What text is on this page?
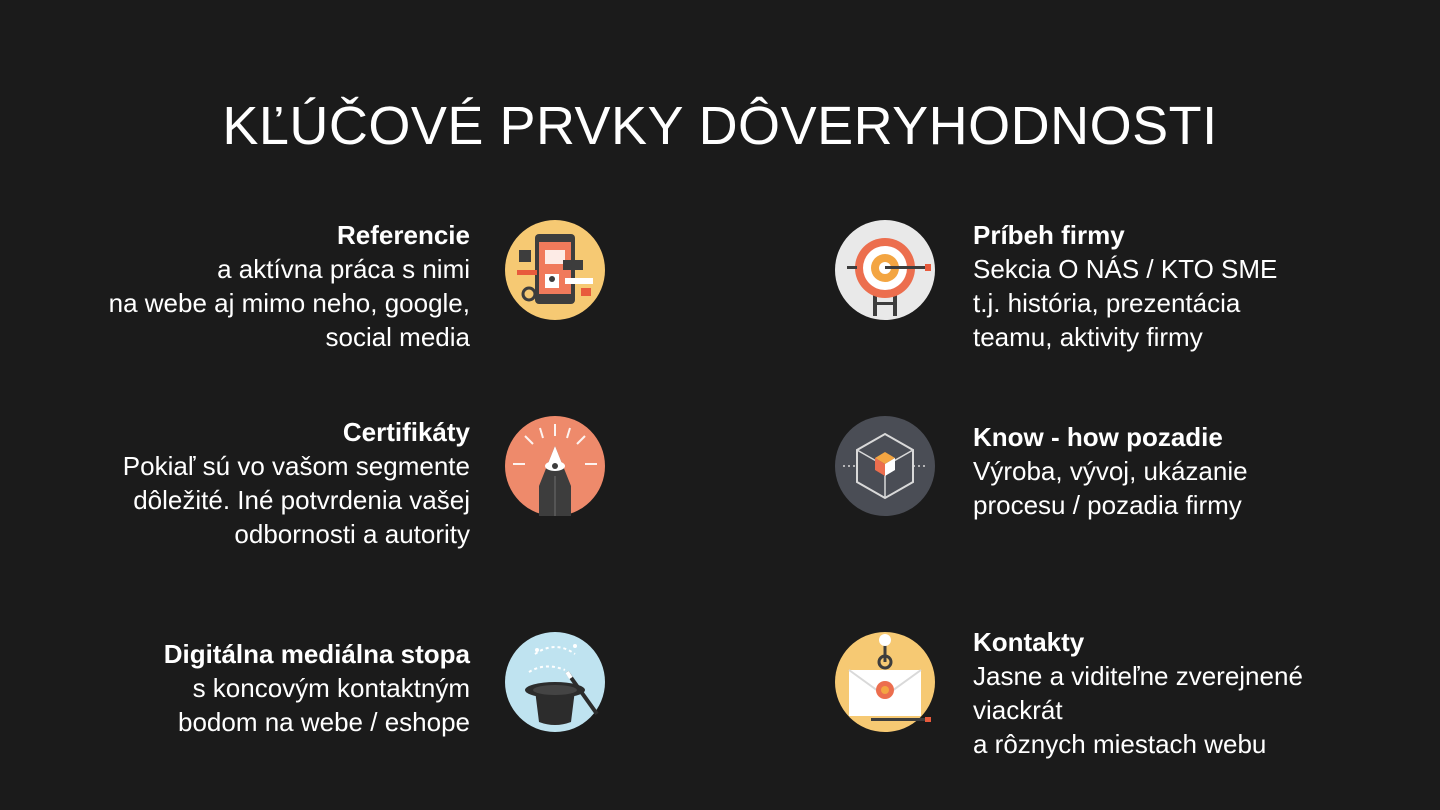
KĽÚČOVÉ PRVKY DÔVERYHODNOSTI
Referencie
a aktívna práca s nimi
na webe aj mimo neho, google,
social media
Príbeh firmy
Sekcia O NÁS / KTO SME
t.j. história, prezentácia
teamu, aktivity firmy
Certifikáty
Pokiaľ sú vo vašom segmente
dôležité. Iné potvrdenia vašej
odbornosti a autority
Know - how pozadie
Výroba, vývoj, ukázanie
procesu / pozadia firmy
Digitálna mediálna stopa
s koncovým kontaktným
bodom na webe / eshope
Kontakty
Jasne a viditeľne zverejnené
viackrát
a rôznych miestach webu
